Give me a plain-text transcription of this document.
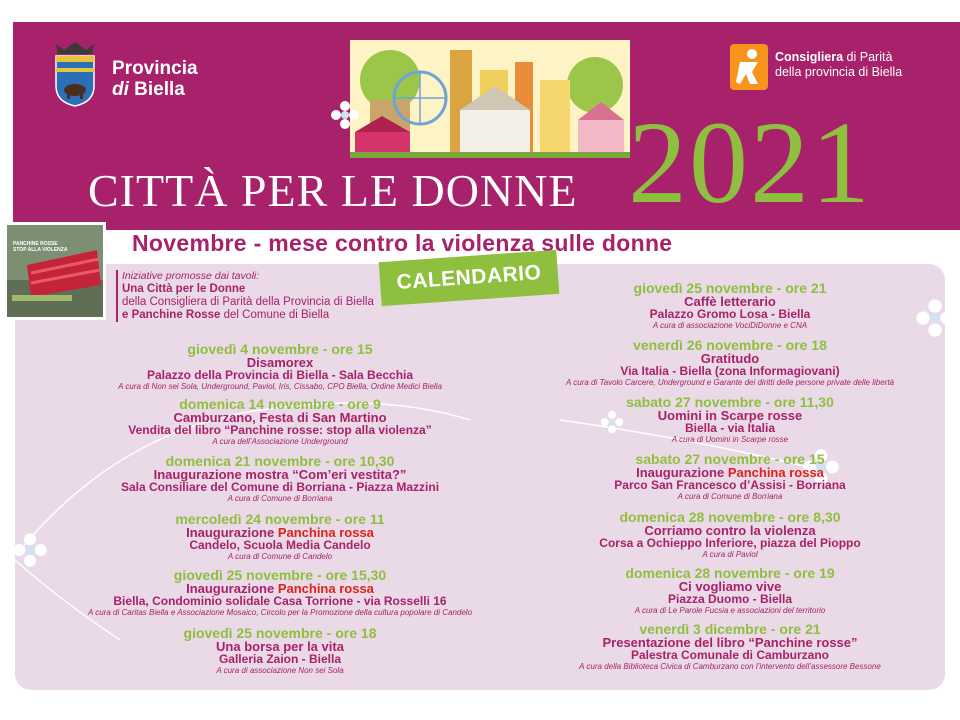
Provincia
di Biella
Consigliera di Parità
della provincia di Biella
2021
CITTÀ PER LE DONNE
Novembre - mese contro la violenza sulle donne
PANCHINE ROSSE
STOP ALLA VIOLENZA
CALENDARIO
Iniziative promosse dai tavoli:
Una Città per le Donne
della Consigliera di Parità della Provincia di Biella
e Panchine Rosse del Comune di Biella
giovedì 4 novembre - ore 15
Disamorex
Palazzo della Provincia di Biella - Sala Becchia
A cura di Non sei Sola, Underground, Paviol, Iris, Cissabo, CPO Biella, Ordine Medici Biella
domenica 14 novembre - ore 9
Camburzano, Festa di San Martino
Vendita del libro “Panchine rosse: stop alla violenza”
A cura dell’Associazione Underground
domenica 21 novembre - ore 10,30
Inaugurazione mostra “Com’eri vestita?”
Sala Consiliare del Comune di Borriana - Piazza Mazzini
A cura di Comune di Borriana
mercoledì 24 novembre - ore 11
Inaugurazione Panchina rossa
Candelo, Scuola Media Candelo
A cura di Comune di Candelo
giovedì 25 novembre - ore 15,30
Inaugurazione Panchina rossa
Biella, Condominio solidale Casa Torrione - via Rosselli 16
A cura di Caritas Biella e Associazione Mosaico, Circolo per la Promozione della cultura popolare di Candelo
giovedì 25 novembre - ore 18
Una borsa per la vita
Galleria Zaion - Biella
A cura di associazione Non sei Sola
giovedì 25 novembre - ore 21
Caffè letterario
Palazzo Gromo Losa - Biella
A cura di associazione VociDiDonne e CNA
venerdì 26 novembre - ore 18
Gratitudo
Via Italia - Biella (zona Informagiovani)
A cura di Tavolo Carcere, Underground e Garante dei diritti delle persone private delle libertà
sabato 27 novembre - ore 11,30
Uomini in Scarpe rosse
Biella - via Italia
A cura di Uomini in Scarpe rosse
sabato 27 novembre - ore 15
Inaugurazione Panchina rossa
Parco San Francesco d’Assisi - Borriana
A cura di Comune di Borriana
domenica 28 novembre - ore 8,30
Corriamo contro la violenza
Corsa a Ochieppo Inferiore, piazza del Pioppo
A cura di Paviol
domenica 28 novembre - ore 19
Ci vogliamo vive
Piazza Duomo - Biella
A cura di Le Parole Fucsia e associazioni del territorio
venerdì 3 dicembre - ore 21
Presentazione del libro “Panchine rosse”
Palestra Comunale di Camburzano
A cura della Biblioteca Civica di Camburzano con l’intervento dell’assessore Bessone
